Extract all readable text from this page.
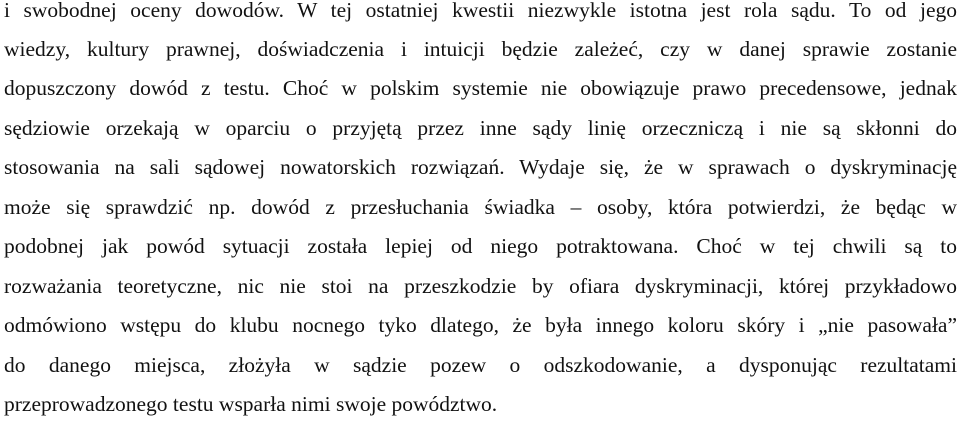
i swobodnej oceny dowodów. W tej ostatniej kwestii niezwykle istotna jest rola sądu. To od jego
wiedzy, kultury prawnej, doświadczenia i intuicji będzie zależeć, czy w danej sprawie zostanie
dopuszczony dowód z testu. Choć w polskim systemie nie obowiązuje prawo precedensowe, jednak
sędziowie orzekają w oparciu o przyjętą przez inne sądy linię orzeczniczą i nie są skłonni do
stosowania na sali sądowej nowatorskich rozwiązań. Wydaje się, że w sprawach o dyskryminację
może się sprawdzić np. dowód z przesłuchania świadka – osoby, która potwierdzi, że będąc w
podobnej jak powód sytuacji została lepiej od niego potraktowana. Choć w tej chwili są to
rozważania teoretyczne, nic nie stoi na przeszkodzie by ofiara dyskryminacji, której przykładowo
odmówiono wstępu do klubu nocnego tyko dlatego, że była innego koloru skóry i „nie pasowała”
do danego miejsca, złożyła w sądzie pozew o odszkodowanie, a dysponując rezultatami
przeprowadzonego testu wsparła nimi swoje powództwo.
